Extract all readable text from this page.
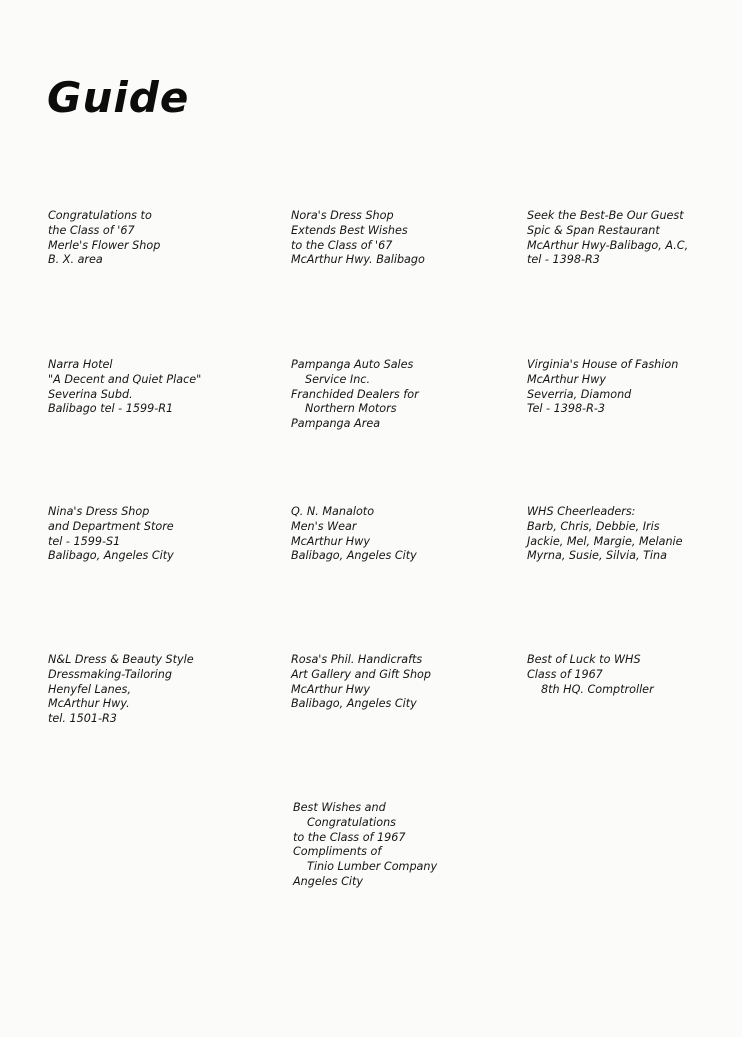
Guide
Congratulations to
the Class of '67
Merle's Flower Shop
B. X. area
Nora's Dress Shop
Extends Best Wishes
to the Class of '67
McArthur Hwy. Balibago
Seek the Best-Be Our Guest
Spic & Span Restaurant
McArthur Hwy-Balibago, A.C,
tel - 1398-R3
Narra Hotel
"A Decent and Quiet Place"
Severina Subd.
Balibago tel - 1599-R1
Pampanga Auto Sales
Service Inc.
Franchided Dealers for
Northern Motors
Pampanga Area
Virginia's House of Fashion
McArthur Hwy
Severria, Diamond
Tel - 1398-R-3
Nina's Dress Shop
and Department Store
tel - 1599-S1
Balibago, Angeles City
Q. N. Manaloto
Men's Wear
McArthur Hwy
Balibago, Angeles City
WHS Cheerleaders:
Barb, Chris, Debbie, Iris
Jackie, Mel, Margie, Melanie
Myrna, Susie, Silvia, Tina
N&L Dress & Beauty Style
Dressmaking-Tailoring
Henyfel Lanes,
McArthur Hwy.
tel. 1501-R3
Rosa's Phil. Handicrafts
Art Gallery and Gift Shop
McArthur Hwy
Balibago, Angeles City
Best of Luck to WHS
Class of 1967
8th HQ. Comptroller
Best Wishes and
Congratulations
to the Class of 1967
Compliments of
Tinio Lumber Company
Angeles City
